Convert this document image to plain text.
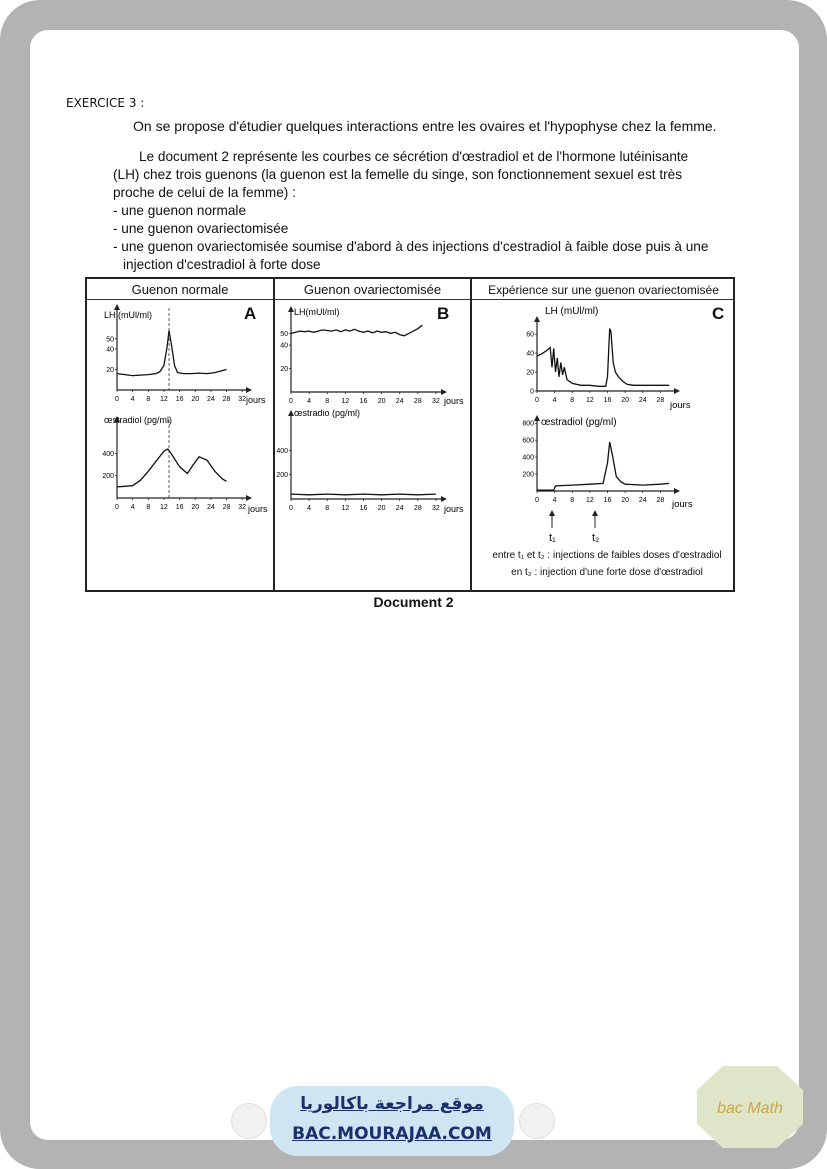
EXERCICE 3 :
On se propose d'étudier quelques interactions entre les ovaires et l'hypophyse chez la femme.

Le document 2 représente les courbes ce sécrétion d'œstradiol et de l'hormone lutéinisante

(LH) chez trois guenons (la guenon est la femelle du singe, son fonctionnement sexuel est très

proche de celui de la femme) :

- une guenon normale
- une guenon ovariectomisée
- une guenon ovariectomisée soumise d'abord à des injections d'cestradiol à faible dose puis à une
injection d'cestradiol à forte dose
Guenon normale	Guenon ovariectomisée	Expérience sur une guenon ovariectomisée
A	B	C
entre t₁ et t₂ : injections de faibles doses d'œstradiol
en t₂ : injection d'une forte dose d'œstradiol
0 4 8 12 16 20 24 28 32
20
40
50
0 4 8 12 16 20 24 28 32
200
400
0 4 8 12 16 20 24 28 32
20
40
50
0 4 8 12 16 20 24 28 32
200
400
0 4 8 12 16 20 24 28
0
20
40
60
0 4 8 12 16 20 24 28
200
400
600
800
LH (mUl/ml)
œstradiol (pg/ml)
jours
jours
LH(mUl/ml)
œstradio (pg/ml)
jours
jours
LH (mUl/ml)
œstradiol (pg/ml)
jours
jours
t₁	t₂
Document 2
موقع مراجعة باكالوريا
BAC.MOURAJAA.COM
bac Math
